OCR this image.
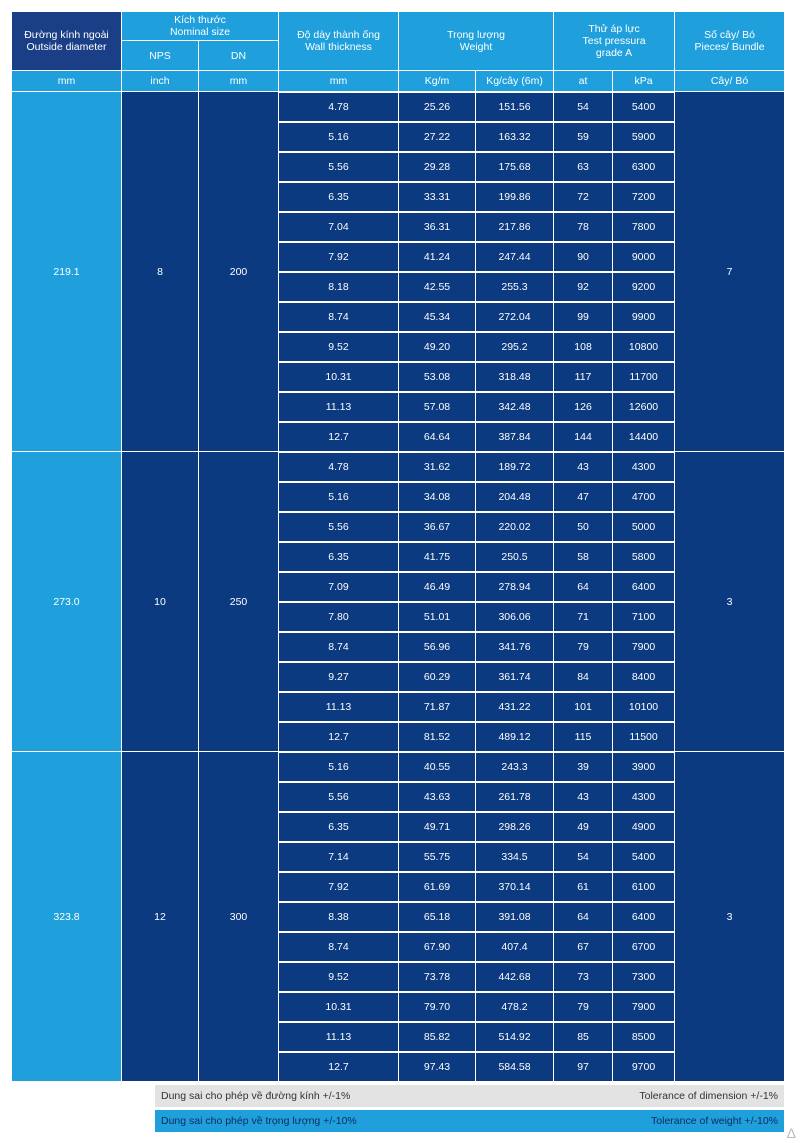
Đường kính ngoài
Outside diameter	Kích thước
Nominal size		Độ dày thành ống
Wall thickness	Trọng lượng
Weight		Thử áp lực
Test pressura
grade A		Số cây/ Bó
Pieces/ Bundle
	NPS	DN						
mm	inch	mm	mm	Kg/m	Kg/cây (6m)	at	kPa	Cây/ Bó
219.1	8	200	4.78	25.26	151.56	54	5400	7
			5.16	27.22	163.32	59	5900	
			5.56	29.28	175.68	63	6300	
			6.35	33.31	199.86	72	7200	
			7.04	36.31	217.86	78	7800	
			7.92	41.24	247.44	90	9000	
			8.18	42.55	255.3	92	9200	
			8.74	45.34	272.04	99	9900	
			9.52	49.20	295.2	108	10800	
			10.31	53.08	318.48	117	11700	
			11.13	57.08	342.48	126	12600	
			12.7	64.64	387.84	144	14400	
273.0	10	250	4.78	31.62	189.72	43	4300	3
			5.16	34.08	204.48	47	4700	
			5.56	36.67	220.02	50	5000	
			6.35	41.75	250.5	58	5800	
			7.09	46.49	278.94	64	6400	
			7.80	51.01	306.06	71	7100	
			8.74	56.96	341.76	79	7900	
			9.27	60.29	361.74	84	8400	
			11.13	71.87	431.22	101	10100	
			12.7	81.52	489.12	115	11500	
323.8	12	300	5.16	40.55	243.3	39	3900	3
			5.56	43.63	261.78	43	4300	
			6.35	49.71	298.26	49	4900	
			7.14	55.75	334.5	54	5400	
			7.92	61.69	370.14	61	6100	
			8.38	65.18	391.08	64	6400	
			8.74	67.90	407.4	67	6700	
			9.52	73.78	442.68	73	7300	
			10.31	79.70	478.2	79	7900	
			11.13	85.82	514.92	85	8500	
			12.7	97.43	584.58	97	9700	
Dung sai cho phép về đường kính +/-1%	Tolerance of dimension +/-1%
Dung sai cho phép về trọng lượng +/-10%	Tolerance of weight +/-10%
Δ
